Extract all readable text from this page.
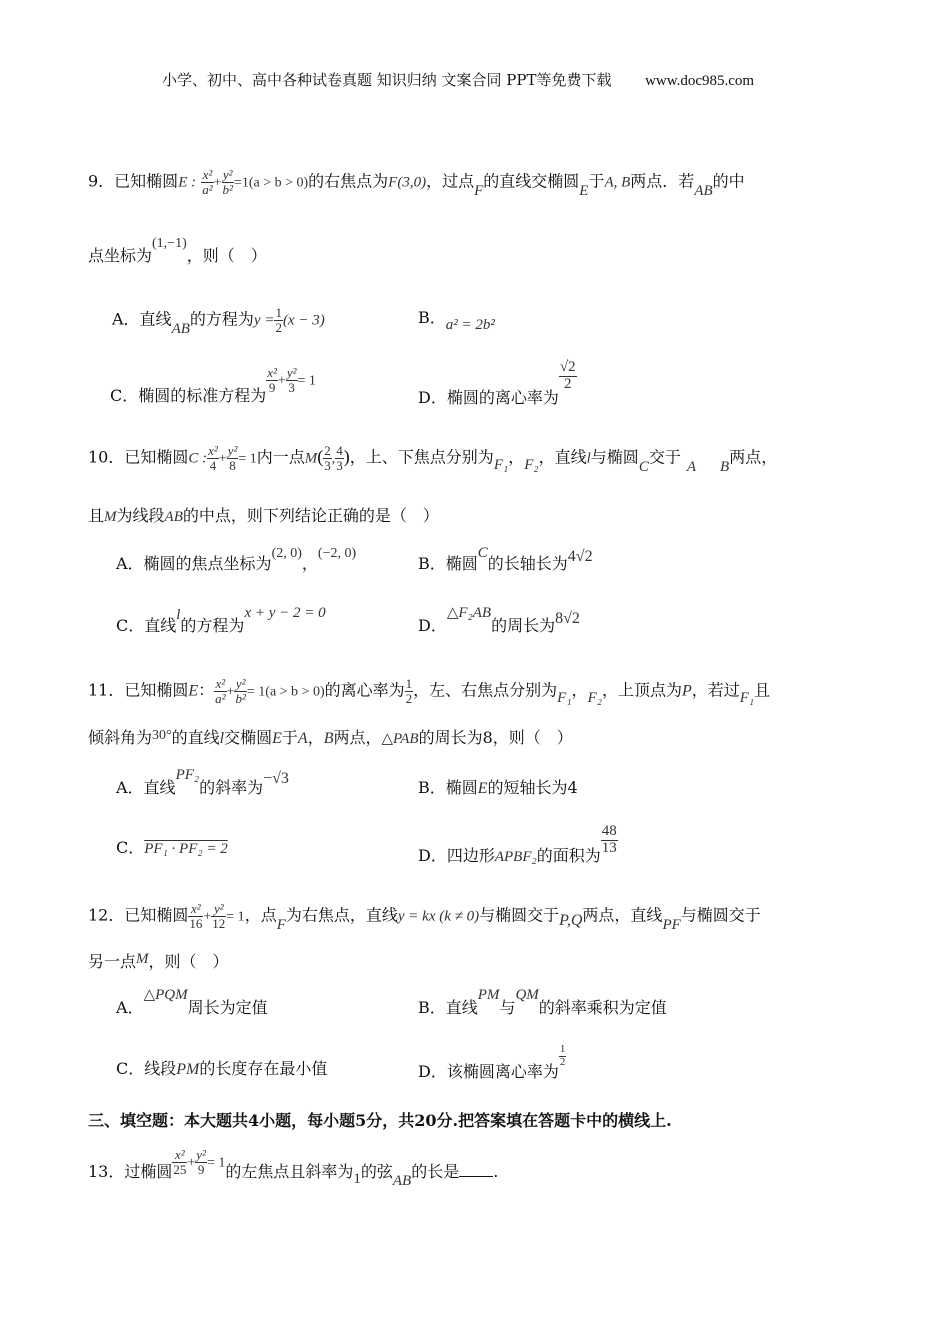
小学、初中、高中各种试卷真题 知识归纳 文案合同 PPT等免费下载 www.doc985.com
9．已知椭圆E : $\frac{\text{x²}}{\text{a²}} + \frac{\text{y²}}{\text{b²}} =1(a > b > 0)$的右焦点为F(3,0)，过点F的直线交椭圆E于A, B两点．若AB的中
点坐标为(1,−1)，则（　）
A．直线AB的方程为$y = \frac{1}{2} (x - 3)$	B．a² = 2b²
C．椭圆的标准方程为
$\frac{\text{x²}}{9} + \frac{\text{y²}}{3} = 1$
D．椭圆的离心率为
$\frac{√2}{2}$
10．已知椭圆C : $\frac{\text{x²}}{4} + \frac{\text{y²}}{8} = 1$内一点$M( \frac{2}{3}$ , $\frac{4}{3}$ )，上、下焦点分别为F₁，F₂，直线l与椭圆C交于 A B两点，
且M为线段AB的中点，则下列结论正确的是（　）
A．椭圆的焦点坐标为(2, 0)，(−2, 0)
B．椭圆C的长轴长为4√2
C．直线l的方程为x + y − 2 = 0
D．△F₂AB的周长为8√2
11．已知椭圆E： $\frac{\text{x²}}{\text{a²}} + \frac{\text{y²}}{\text{b²}} = 1(a > b > 0)$的离心率为 $\frac{1}{2}$ ，左、右焦点分别为F₁，F₂，上顶点为P，若过F₁且
倾斜角为30°的直线l交椭圆E于A，B两点，△PAB的周长为8，则（　）
A．直线PF₂的斜率为−√3	B．椭圆E的短轴长为4
C．PF₁ · PF₂ = 2	D．四边形APBF₂的面积为 $\frac{48}{13}$
12．已知椭圆 $\frac{\text{x²}}{16} + \frac{\text{y²}}{12} = 1$，点F为右焦点，直线y = kx (k ≠ 0)与椭圆交于P,Q两点，直线PF与椭圆交于
另一点M，则（　）
A．△PQM周长为定值	B．直线PM与QM的斜率乘积为定值
C．线段PM的长度存在最小值	D．该椭圆离心率为
$\frac{1}{2}$
三、填空题：本大题共4小题，每小题5分，共20分.把答案填在答题卡中的横线上.
13．过椭圆 $\frac{\text{x²}}{25} + \frac{\text{y²}}{9} = 1$的左焦点且斜率为1的弦AB的长是 .
